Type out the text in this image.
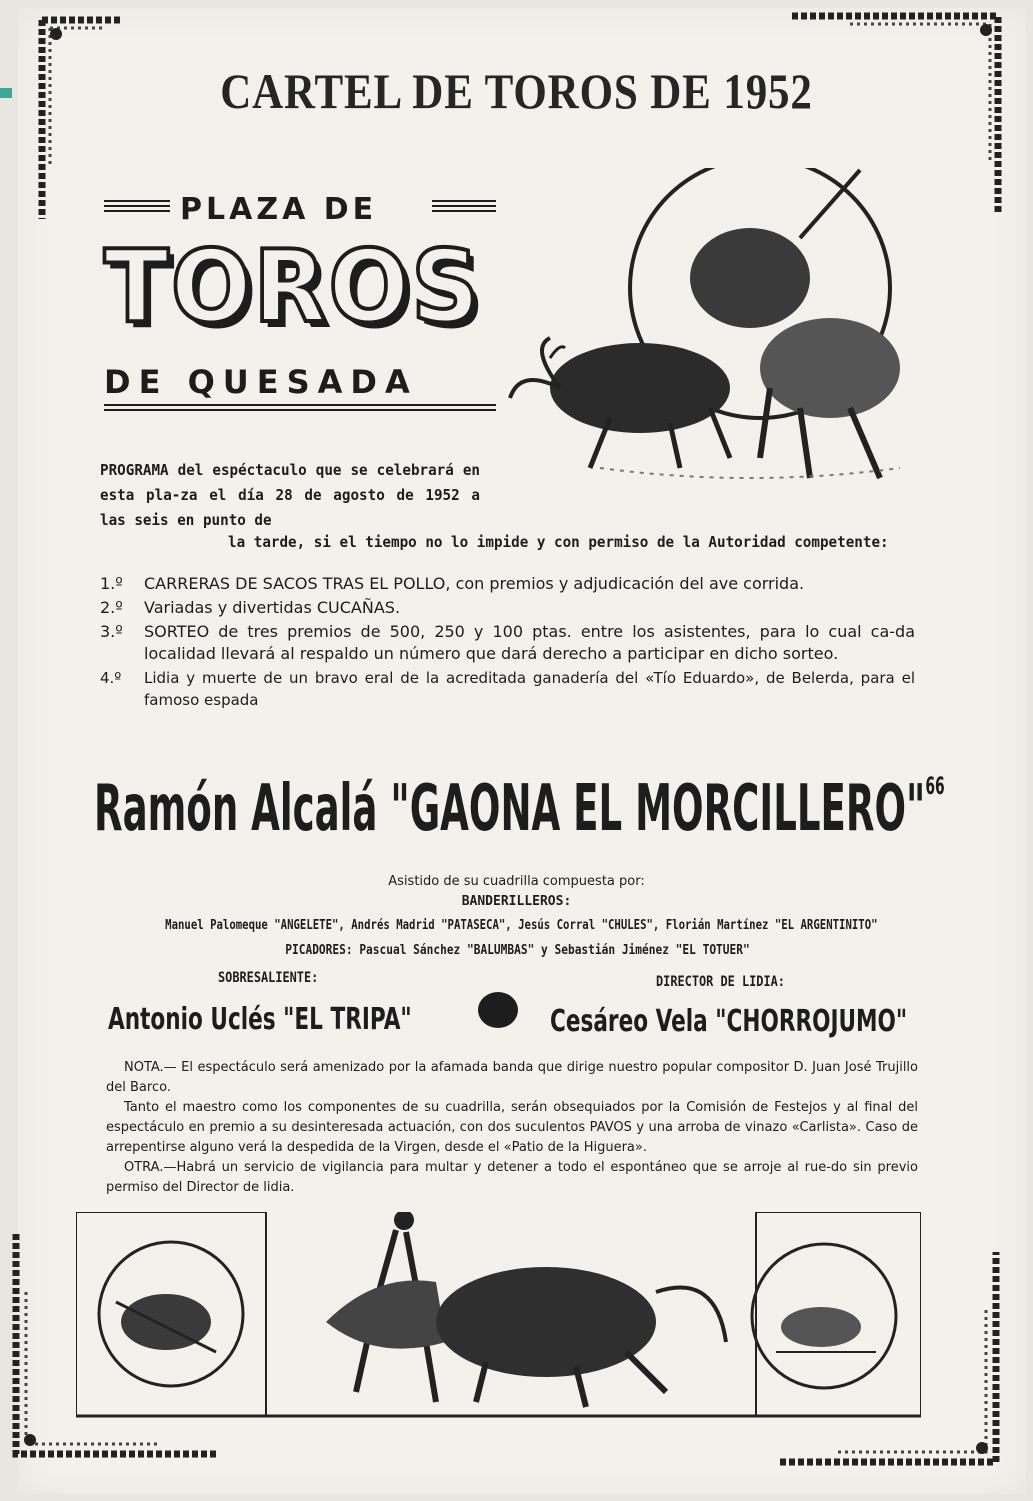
CARTEL DE TOROS DE 1952
PLAZA DE
TOROS
DE QUESADA
PROGRAMA del espéctaculo que se celebrará en esta pla-za el día 28 de agosto de 1952 a las seis en punto de
la tarde, si el tiempo no lo impide y con permiso de la Autoridad competente:
1.º CARRERAS DE SACOS TRAS EL POLLO, con premios y adjudicación del ave corrida.
2.º Variadas y divertidas CUCAÑAS.
3.º SORTEO de tres premios de 500, 250 y 100 ptas. entre los asistentes, para lo cual ca-da localidad llevará al respaldo un número que dará derecho a participar en dicho sorteo.
4.º Lidia y muerte de un bravo eral de la acreditada ganadería del «Tío Eduardo», de Belerda, para el famoso espada
Ramón Alcalá "GAONA EL MORCILLERO"$^{66}$
Asistido de su cuadrilla compuesta por:
BANDERILLEROS:
Manuel Palomeque "ANGELETE", Andrés Madrid "PATASECA", Jesús Corral "CHULES", Florián Martínez "EL ARGENTINITO"
PICADORES: Pascual Sánchez "BALUMBAS" y Sebastián Jiménez "EL TOTUER"
SOBRESALIENTE:	DIRECTOR DE LIDIA:
Antonio Uclés "EL TRIPA"	Cesáreo Vela "CHORROJUMO"

NOTA.— El espectáculo será amenizado por la afamada banda que dirige nuestro popular compositor D. Juan José Trujillo del Barco.

Tanto el maestro como los componentes de su cuadrilla, serán obsequiados por la Comisión de Festejos y al final del espectáculo en premio a su desinteresada actuación, con dos suculentos PAVOS y una arroba de vinazo «Carlista». Caso de arrepentirse alguno verá la despedida de la Virgen, desde el «Patio de la Higuera».

OTRA.—Habrá un servicio de vigilancia para multar y detener a todo el espontáneo que se arroje al rue-do sin previo permiso del Director de lidia.
